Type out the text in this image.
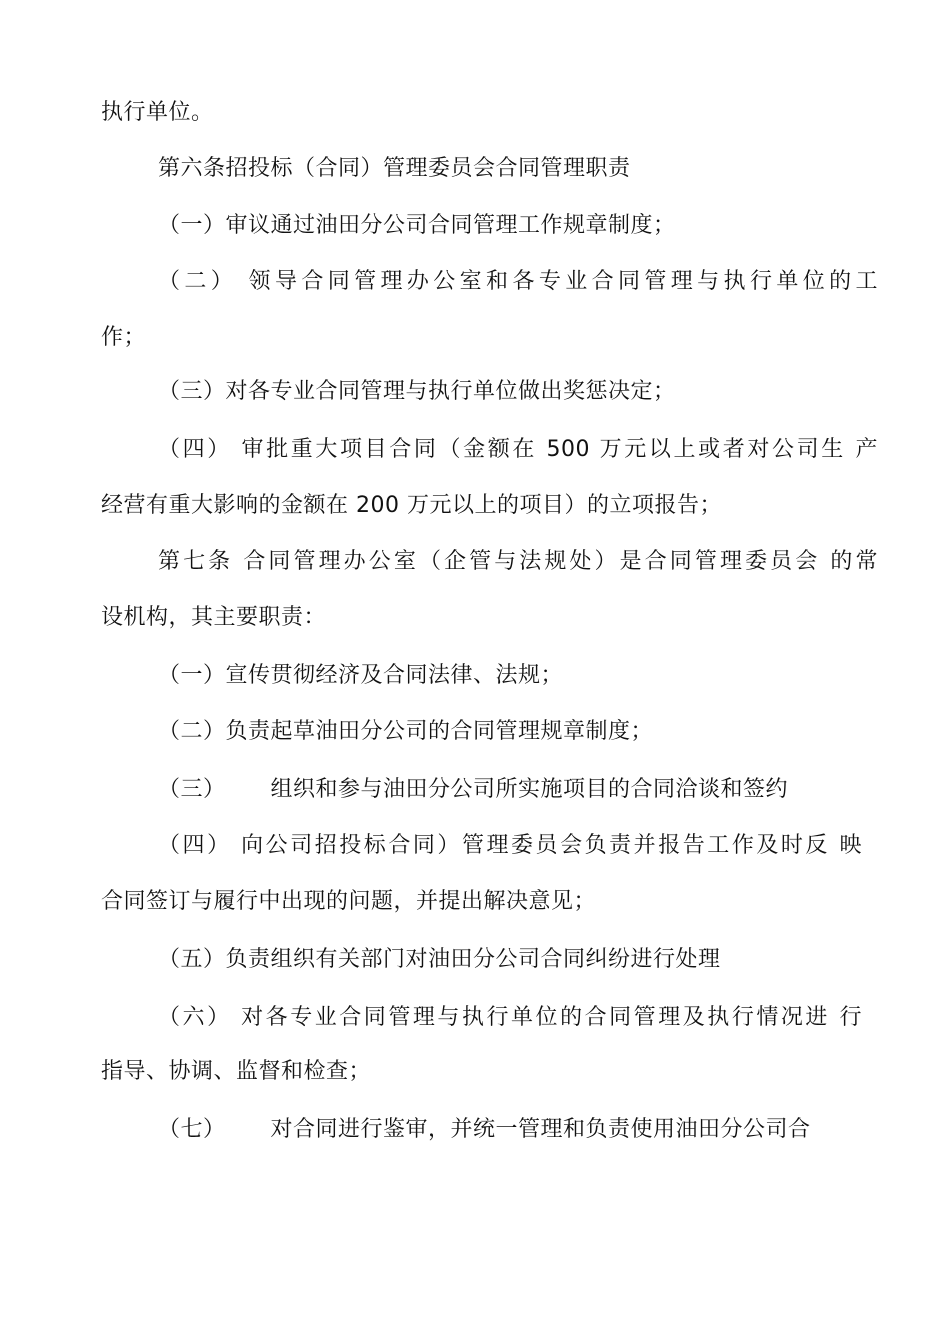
执行单位。
第六条招投标（合同）管理委员会合同管理职责
（一）审议通过油田分公司合同管理工作规章制度；
（二） 领导合同管理办公室和各专业合同管理与执行单位的工
作；
（三）对各专业合同管理与执行单位做出奖惩决定；
（四） 审批重大项目合同（金额在 500 万元以上或者对公司生 产
经营有重大影响的金额在 200 万元以上的项目）的立项报告；
第七条 合同管理办公室（企管与法规处）是合同管理委员会 的常
设机构，其主要职责：
（一）宣传贯彻经济及合同法律、法规；
（二）负责起草油田分公司的合同管理规章制度；
（三）      组织和参与油田分公司所实施项目的合同洽谈和签约
（四） 向公司招投标合同）管理委员会负责并报告工作及时反 映
合同签订与履行中出现的问题，并提出解决意见；
（五）负责组织有关部门对油田分公司合同纠纷进行处理
（六） 对各专业合同管理与执行单位的合同管理及执行情况进 行
指导、协调、监督和检查；
（七）      对合同进行鉴审，并统一管理和负责使用油田分公司合
